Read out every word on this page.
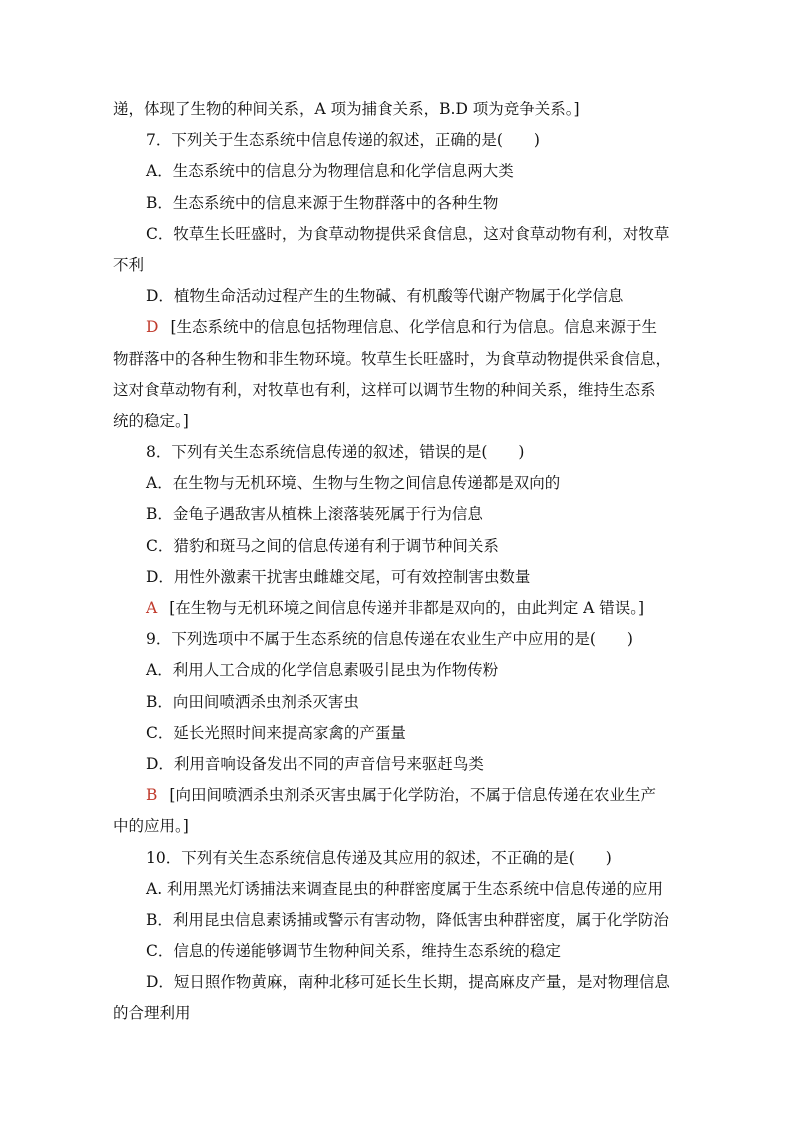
递，体现了生物的种间关系，A 项为捕食关系，B.D 项为竞争关系。]
7．下列关于生态系统中信息传递的叙述，正确的是(　　)
A．生态系统中的信息分为物理信息和化学信息两大类
B．生态系统中的信息来源于生物群落中的各种生物
C．牧草生长旺盛时，为食草动物提供采食信息，这对食草动物有利，对牧草
不利
D．植物生命活动过程产生的生物碱、有机酸等代谢产物属于化学信息
D [生态系统中的信息包括物理信息、化学信息和行为信息。信息来源于生
物群落中的各种生物和非生物环境。牧草生长旺盛时，为食草动物提供采食信息，
这对食草动物有利，对牧草也有利，这样可以调节生物的种间关系，维持生态系
统的稳定。]
8．下列有关生态系统信息传递的叙述，错误的是(　　)
A．在生物与无机环境、生物与生物之间信息传递都是双向的
B．金龟子遇敌害从植株上滚落装死属于行为信息
C．猎豹和斑马之间的信息传递有利于调节种间关系
D．用性外激素干扰害虫雌雄交尾，可有效控制害虫数量
A [在生物与无机环境之间信息传递并非都是双向的，由此判定 A 错误。]
9．下列选项中不属于生态系统的信息传递在农业生产中应用的是(　　)
A．利用人工合成的化学信息素吸引昆虫为作物传粉
B．向田间喷洒杀虫剂杀灭害虫
C．延长光照时间来提高家禽的产蛋量
D．利用音响设备发出不同的声音信号来驱赶鸟类
B [向田间喷洒杀虫剂杀灭害虫属于化学防治，不属于信息传递在农业生产
中的应用。]
10．下列有关生态系统信息传递及其应用的叙述，不正确的是(　　)
A. 利用黑光灯诱捕法来调查昆虫的种群密度属于生态系统中信息传递的应用
B．利用昆虫信息素诱捕或警示有害动物，降低害虫种群密度，属于化学防治
C．信息的传递能够调节生物种间关系，维持生态系统的稳定
D．短日照作物黄麻，南种北移可延长生长期，提高麻皮产量，是对物理信息
的合理利用
